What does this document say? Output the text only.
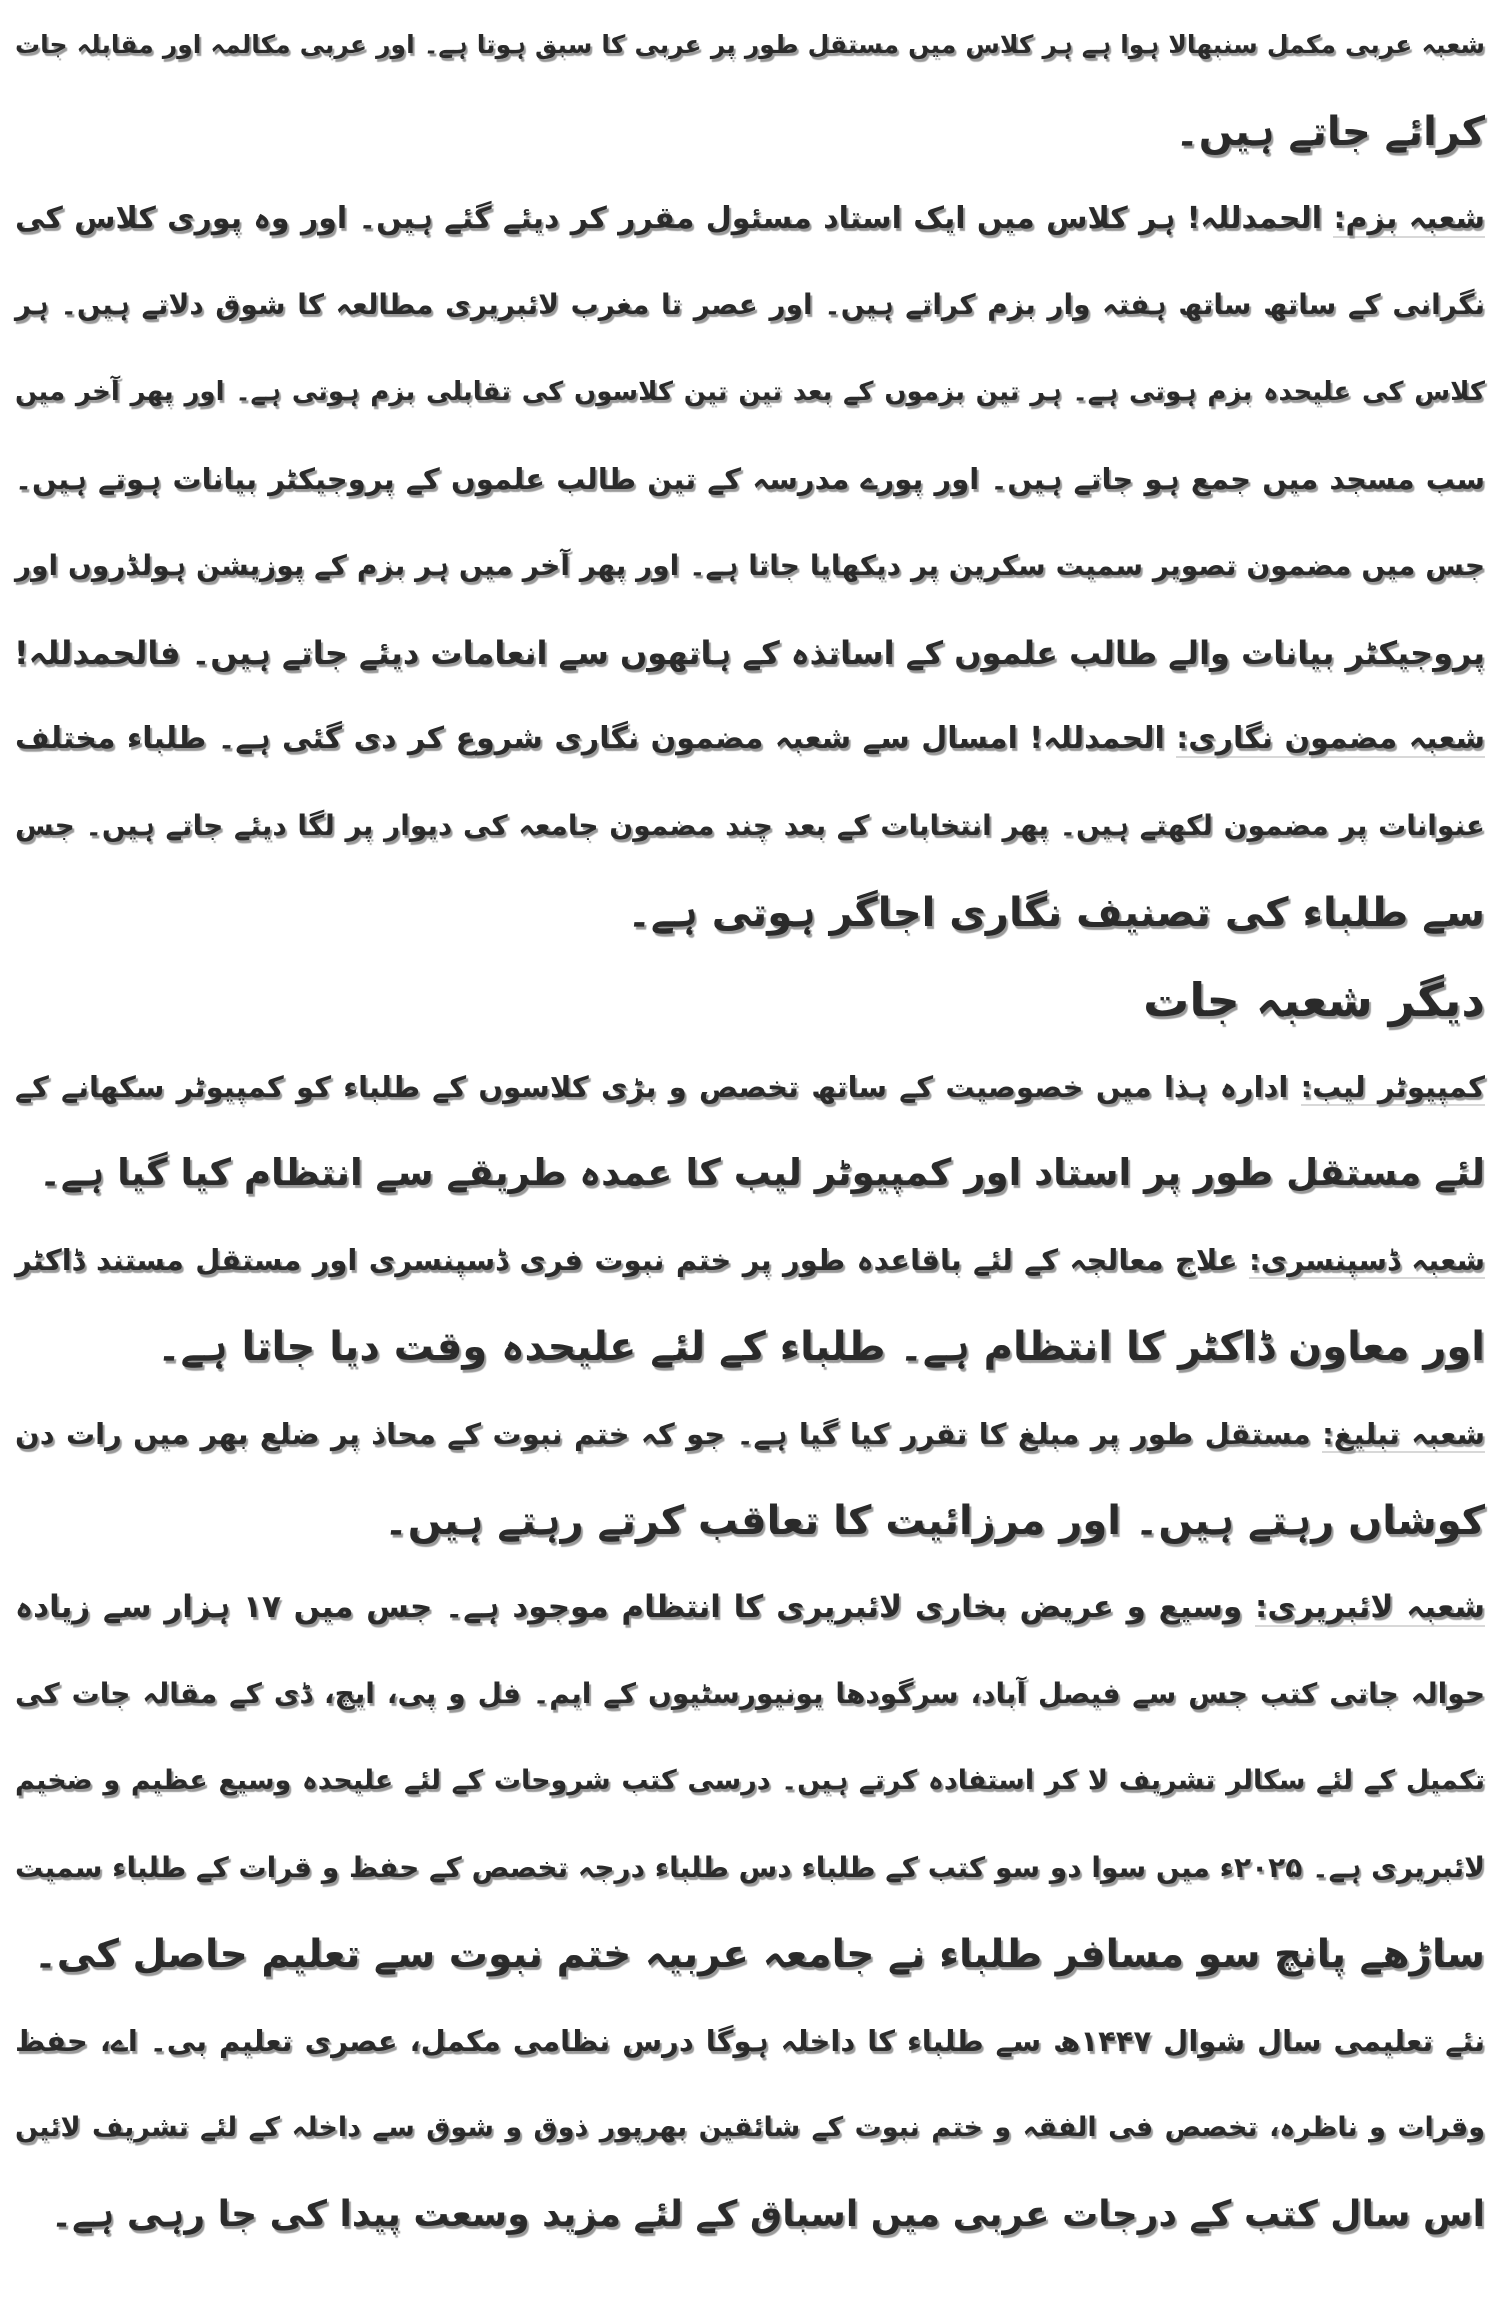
شعبہ عربی مکمل سنبھالا ہوا ہے ہر کلاس میں مستقل طور پر عربی کا سبق ہوتا ہے۔ اور عربی مکالمہ اور مقابلہ جات
کرائے جاتے ہیں۔
شعبہ بزم: الحمدللہ! ہر کلاس میں ایک استاد مسئول مقرر کر دیئے گئے ہیں۔ اور وہ پوری کلاس کی
نگرانی کے ساتھ ساتھ ہفتہ وار بزم کراتے ہیں۔ اور عصر تا مغرب لائبریری مطالعہ کا شوق دلاتے ہیں۔ ہر
کلاس کی علیحدہ بزم ہوتی ہے۔ ہر تین بزموں کے بعد تین تین کلاسوں کی تقابلی بزم ہوتی ہے۔ اور پھر آخر میں
سب مسجد میں جمع ہو جاتے ہیں۔ اور پورے مدرسہ کے تین طالب علموں کے پروجیکٹر بیانات ہوتے ہیں۔
جس میں مضمون تصویر سمیت سکرین پر دیکھایا جاتا ہے۔ اور پھر آخر میں ہر بزم کے پوزیشن ہولڈروں اور
پروجیکٹر بیانات والے طالب علموں کے اساتذہ کے ہاتھوں سے انعامات دیئے جاتے ہیں۔ فالحمدللہ!
شعبہ مضمون نگاری: الحمدللہ! امسال سے شعبہ مضمون نگاری شروع کر دی گئی ہے۔ طلباء مختلف
عنوانات پر مضمون لکھتے ہیں۔ پھر انتخابات کے بعد چند مضمون جامعہ کی دیوار پر لگا دیئے جاتے ہیں۔ جس
سے طلباء کی تصنیف نگاری اجاگر ہوتی ہے۔
دیگر شعبہ جات
کمپیوٹر لیب: ادارہ ہذا میں خصوصیت کے ساتھ تخصص و بڑی کلاسوں کے طلباء کو کمپیوٹر سکھانے کے
لئے مستقل طور پر استاد اور کمپیوٹر لیب کا عمدہ طریقے سے انتظام کیا گیا ہے۔
شعبہ ڈسپنسری: علاج معالجہ کے لئے باقاعدہ طور پر ختم نبوت فری ڈسپنسری اور مستقل مستند ڈاکٹر
اور معاون ڈاکٹر کا انتظام ہے۔ طلباء کے لئے علیحدہ وقت دیا جاتا ہے۔
شعبہ تبلیغ: مستقل طور پر مبلغ کا تقرر کیا گیا ہے۔ جو کہ ختم نبوت کے محاذ پر ضلع بھر میں رات دن
کوشاں رہتے ہیں۔ اور مرزائیت کا تعاقب کرتے رہتے ہیں۔
شعبہ لائبریری: وسیع و عریض بخاری لائبریری کا انتظام موجود ہے۔ جس میں ۱۷ ہزار سے زیادہ
حوالہ جاتی کتب جس سے فیصل آباد، سرگودھا یونیورسٹیوں کے ایم۔ فل و پی، ایچ، ڈی کے مقالہ جات کی
تکمیل کے لئے سکالر تشریف لا کر استفادہ کرتے ہیں۔ درسی کتب شروحات کے لئے علیحدہ وسیع عظیم و ضخیم
لائبریری ہے۔ ۲۰۲۵ء میں سوا دو سو کتب کے طلباء دس طلباء درجہ تخصص کے حفظ و قرات کے طلباء سمیت
ساڑھے پانچ سو مسافر طلباء نے جامعہ عربیہ ختم نبوت سے تعلیم حاصل کی۔
نئے تعلیمی سال شوال ۱۴۴۷ھ سے طلباء کا داخلہ ہوگا درس نظامی مکمل، عصری تعلیم بی۔ اے، حفظ
وقرات و ناظرہ، تخصص فی الفقہ و ختم نبوت کے شائقین بھرپور ذوق و شوق سے داخلہ کے لئے تشریف لائیں
اس سال کتب کے درجات عربی میں اسباق کے لئے مزید وسعت پیدا کی جا رہی ہے۔
